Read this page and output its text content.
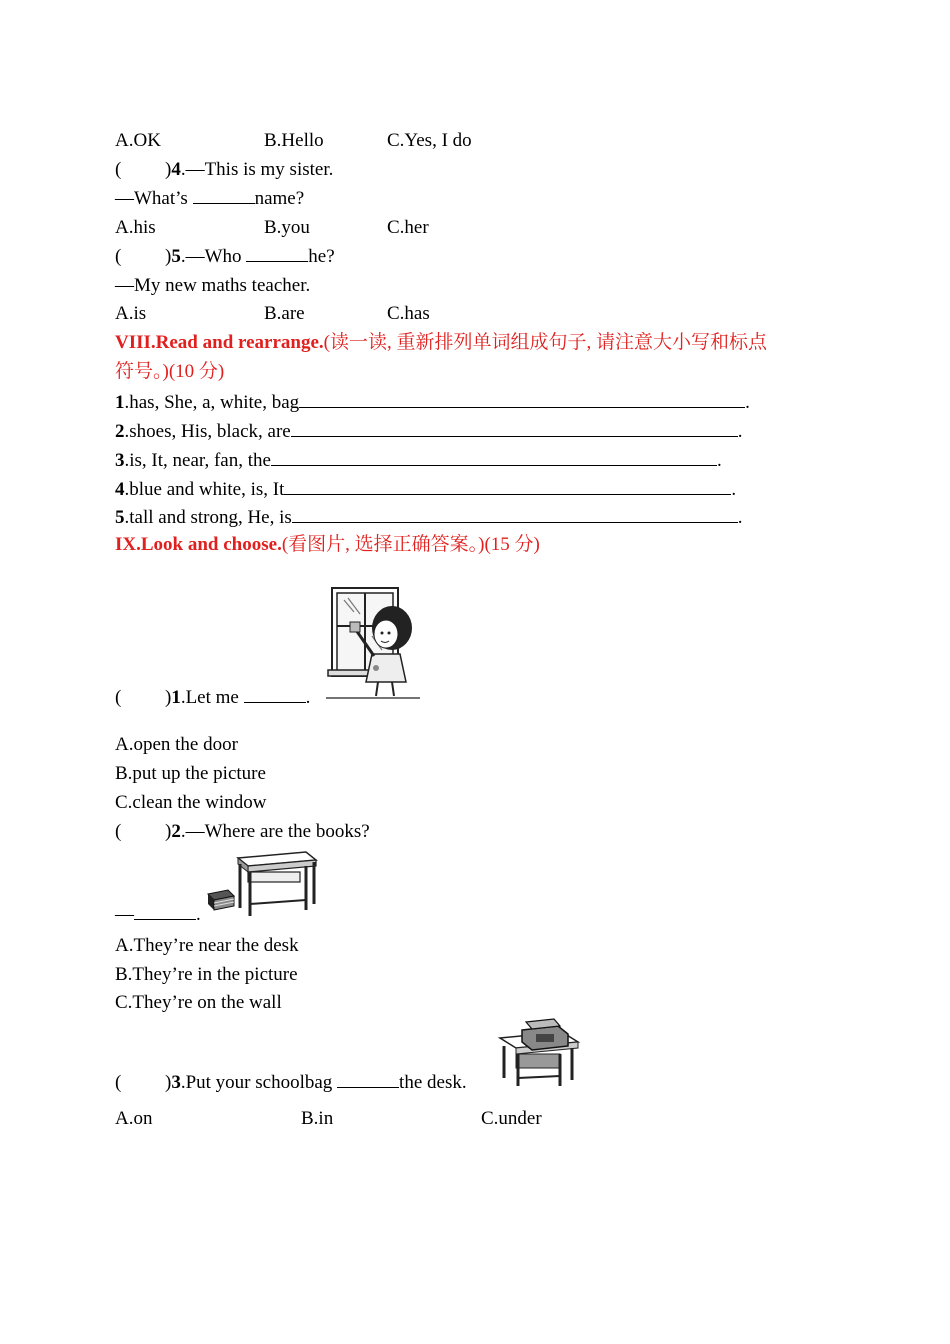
A.OK	B.Hello	C.Yes, I do
( )4.—This is my sister.
—What’s	name?
A.his	B.you	C.her
( )5.—Who	he?
—My new maths teacher.
A.is	B.are	C.has
VIII.Read and rearrange.(读一读, 重新排列单词组成句子, 请注意大小写和标点
符号。)(10 分)
1.has, She, a, white, bag	.
2.shoes, His, black, are	.
3.is, It, near, fan, the	.
4.blue and white, is, It	.
5.tall and strong, He, is	.
IX.Look and choose.(看图片, 选择正确答案。)(15 分)
( )1.Let me	.
A.open the door
B.put up the picture
C.clean the window
( )2.—Where are the books?
—	.
A.They’re near the desk
B.They’re in the picture
C.They’re on the wall
( )3.Put your schoolbag	the desk.
A.on	B.in	C.under
